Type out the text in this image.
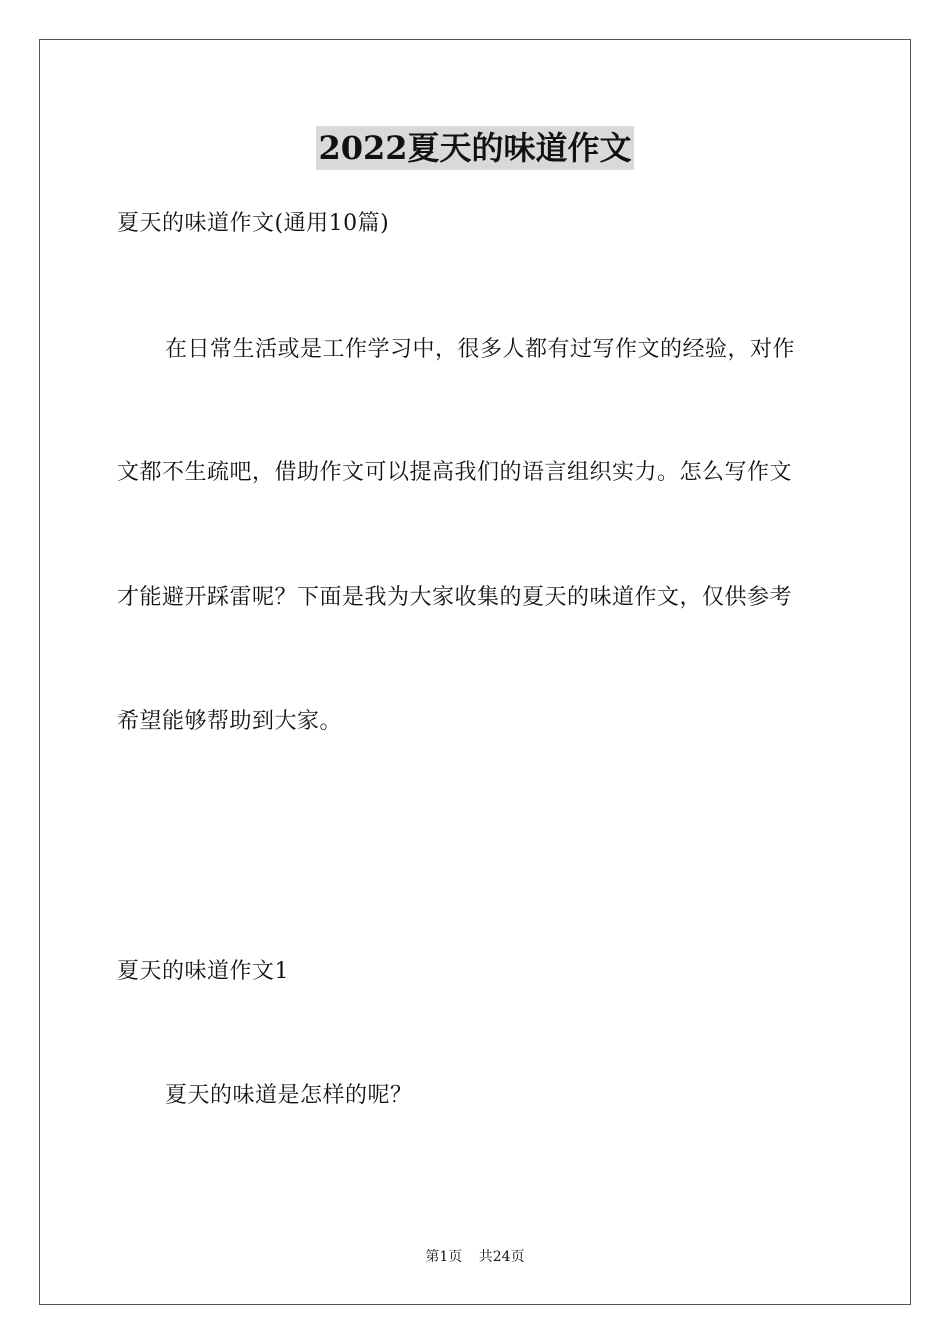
2022夏天的味道作文
夏天的味道作文(通用10篇)
在日常生活或是工作学习中，很多人都有过写作文的经验，对作
文都不生疏吧，借助作文可以提高我们的语言组织实力。怎么写作文
才能避开踩雷呢？下面是我为大家收集的夏天的味道作文，仅供参考
希望能够帮助到大家。
夏天的味道作文1
夏天的味道是怎样的呢？
第1页 共24页
